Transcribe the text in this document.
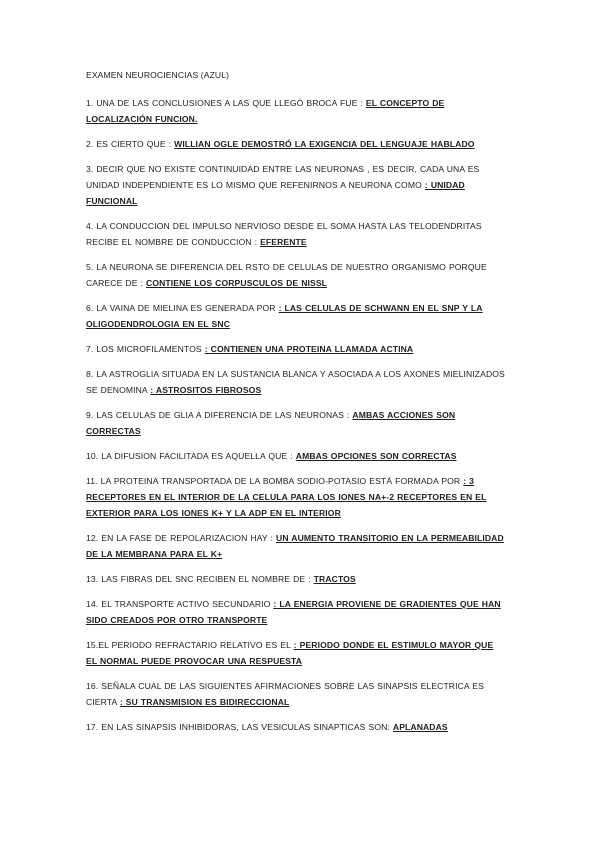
EXAMEN NEUROCIENCIAS (AZUL)
1. UNA DE LAS CONCLUSIONES A LAS QUE LLEGÓ BROCA FUE : EL CONCEPTO DE LOCALIZACIÓN FUNCION.
2. ES CIERTO QUE : WILLIAN OGLE DEMOSTRÓ LA EXIGENCIA DEL LENGUAJE HABLADO
3. DECIR QUE NO EXISTE CONTINUIDAD ENTRE LAS NEURONAS , ES DECIR, CADA UNA ES UNIDAD INDEPENDIENTE ES LO MISMO QUE REFENIRNOS A NEURONA COMO : UNIDAD FUNCIONAL
4. LA CONDUCCION DEL IMPULSO NERVIOSO DESDE EL SOMA HASTA LAS TELODENDRITAS RECIBE EL NOMBRE DE CONDUCCION : EFERENTE
5. LA NEURONA SE DIFERENCIA DEL RSTO DE CELULAS DE NUESTRO ORGANISMO PORQUE CARECE DE : CONTIENE LOS CORPUSCULOS DE NISSL
6. LA VAINA DE MIELINA ES GENERADA POR : LAS CELULAS DE SCHWANN EN EL SNP Y LA OLIGODENDROLOGIA EN EL SNC
7. LOS MICROFILAMENTOS : CONTIENEN UNA PROTEINA LLAMADA ACTINA
8. LA ASTROGLIA SITUADA EN LA SUSTANCIA BLANCA Y ASOCIADA A LOS AXONES MIELINIZADOS SE DENOMINA : ASTROSITOS FIBROSOS
9. LAS CELULAS DE GLIA A DIFERENCIA DE LAS NEURONAS : AMBAS ACCIONES SON CORRECTAS
10. LA DIFUSION FACILITADA ES AQUELLA QUE : AMBAS OPCIONES SON CORRECTAS
11. LA PROTEINA TRANSPORTADA DE LA BOMBA SODIO-POTASIO ESTÁ FORMADA POR : 3 RECEPTORES EN EL INTERIOR DE LA CELULA PARA LOS IONES NA+-2 RECEPTORES EN EL EXTERIOR PARA LOS IONES K+ Y LA ADP EN EL INTERIOR
12. EN LA FASE DE REPOLARIZACION HAY : UN AUMENTO TRANSITORIO EN LA PERMEABILIDAD DE LA MEMBRANA PARA EL K+
13. LAS FIBRAS DEL SNC RECIBEN EL NOMBRE DE : TRACTOS
14. EL TRANSPORTE ACTIVO SECUNDARIO : LA ENERGIA PROVIENE DE GRADIENTES QUE HAN SIDO CREADOS POR OTRO TRANSPORTE
15.EL PERIODO REFRACTARIO RELATIVO ES EL : PERIODO DONDE EL ESTIMULO MAYOR QUE EL NORMAL PUEDE PROVOCAR UNA RESPUESTA
16. SEÑALA CUAL DE LAS SIGUIENTES AFIRMACIONES SOBRE LAS SINAPSIS ELECTRICA ES CIERTA : SU TRANSMISION ES BIDIRECCIONAL
17. EN LAS SINAPSIS INHIBIDORAS, LAS VESICULAS SINAPTICAS SON: APLANADAS
